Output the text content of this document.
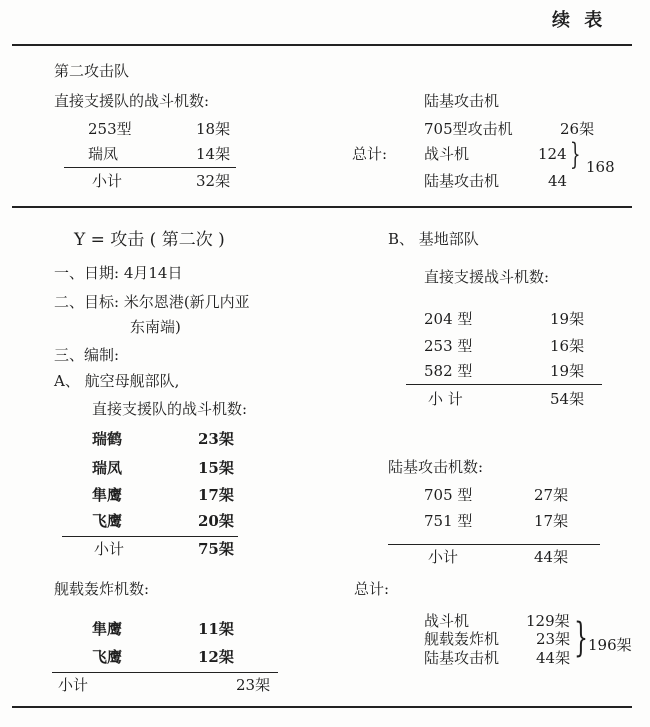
续 表
第二攻击队
直接支援队的战斗机数:
253型	18架
瑞凤	14架
小计	32架
陆基攻击机
总计:
705型攻击机	26架
战斗机	124
陆基攻击机	44
} 168
Y = 攻击 ( 第二次 )
一、日期: 4月14日
二、目标: 米尔恩港(新几内亚
东南端)
三、编制:
A、 航空母舰部队,
直接支援队的战斗机数:
瑞鹤	23架
瑞凤	15架
隼鹰	17架
飞鹰	20架
小计	75架
舰载轰炸机数:
隼鹰	11架
飞鹰	12架
小计	23架
B、 基地部队
直接支援战斗机数:
204 型	19架
253 型	16架
582 型	19架
小 计	54架
陆基攻击机数:
705 型	27架
751 型	17架
小计	44架
总计:
战斗机	129架
舰载轰炸机 23架
陆基攻击机 44架 } 196架
